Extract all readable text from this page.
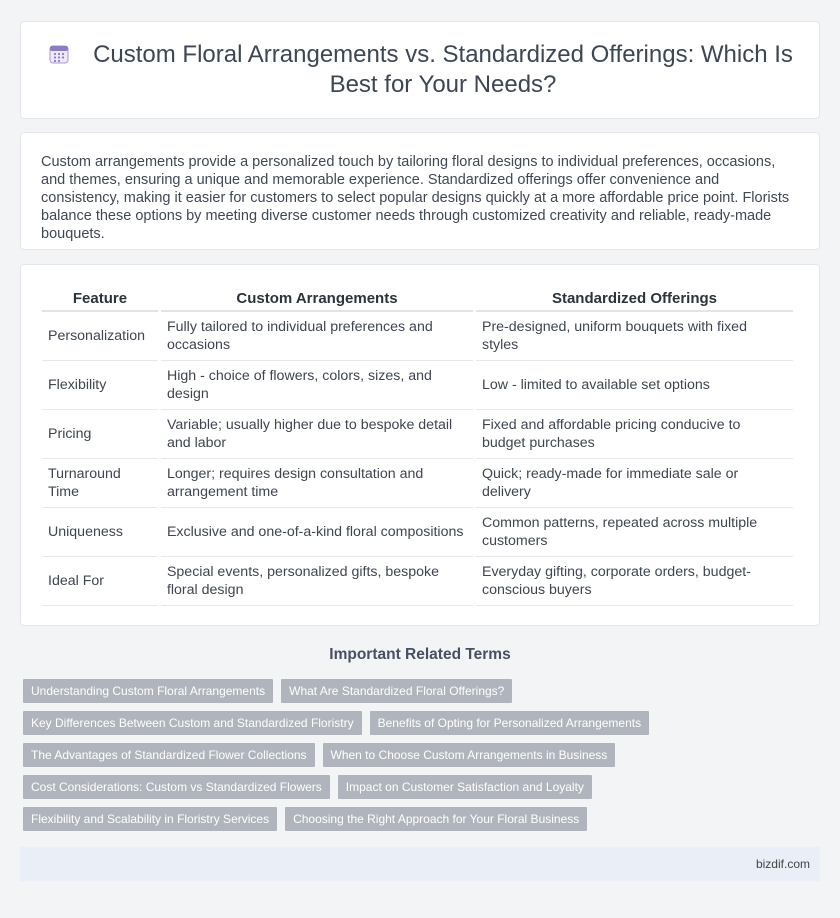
Custom Floral Arrangements vs. Standardized Offerings: Which Is Best for Your Needs?

Custom arrangements provide a personalized touch by tailoring floral designs to individual preferences, occasions, and themes, ensuring a unique and memorable experience. Standardized offerings offer convenience and consistency, making it easier for customers to select popular designs quickly at a more affordable price point. Florists balance these options by meeting diverse customer needs through customized creativity and reliable, ready-made bouquets.

Feature	Custom Arrangements	Standardized Offerings
Personalization	Fully tailored to individual preferences and occasions	Pre-designed, uniform bouquets with fixed styles
Flexibility	High - choice of flowers, colors, sizes, and design	Low - limited to available set options
Pricing	Variable; usually higher due to bespoke detail and labor	Fixed and affordable pricing conducive to budget purchases
Turnaround Time	Longer; requires design consultation and arrangement time	Quick; ready-made for immediate sale or delivery
Uniqueness	Exclusive and one-of-a-kind floral compositions	Common patterns, repeated across multiple customers
Ideal For	Special events, personalized gifts, bespoke floral design	Everyday gifting, corporate orders, budget-conscious buyers
Important Related Terms
Understanding Custom Floral Arrangements	What Are Standardized Floral Offerings?
Key Differences Between Custom and Standardized Floristry	Benefits of Opting for Personalized Arrangements
The Advantages of Standardized Flower Collections	When to Choose Custom Arrangements in Business
Cost Considerations: Custom vs Standardized Flowers	Impact on Customer Satisfaction and Loyalty
Flexibility and Scalability in Floristry Services	Choosing the Right Approach for Your Floral Business
bizdif.com
